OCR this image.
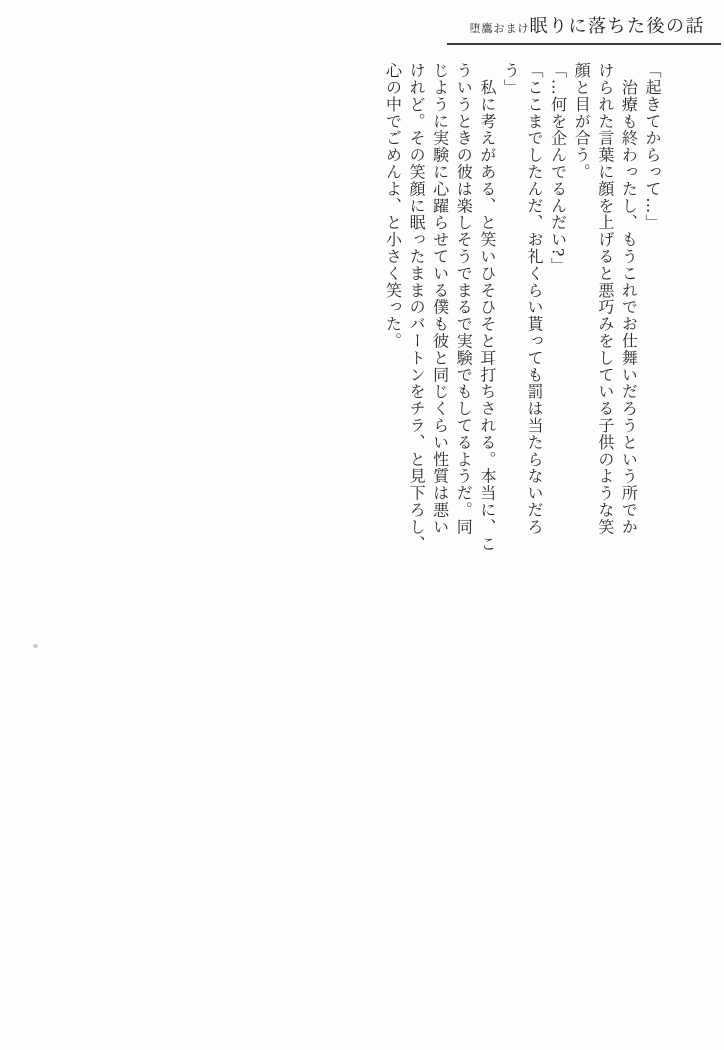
堕鷹おまけ眠りに落ちた後の話
「起きてからって…」
　治療も終わったし、もうこれでお仕舞いだろうという所でか
けられた言葉に顔を上げると悪巧みをしている子供のような笑
顔と目が合う。
「…何を企んでるんだい?」
「ここまでしたんだ、お礼くらい貰っても罰は当たらないだろ
う」
　私に考えがある、と笑いひそひそと耳打ちされる。本当に、こ
ういうときの彼は楽しそうでまるで実験でもしてるようだ。同
じように実験に心躍らせている僕も彼と同じくらい性質は悪い
けれど。その笑顔に眠ったままのバートンをチラ、と見下ろし、
心の中でごめんよ、と小さく笑った。
